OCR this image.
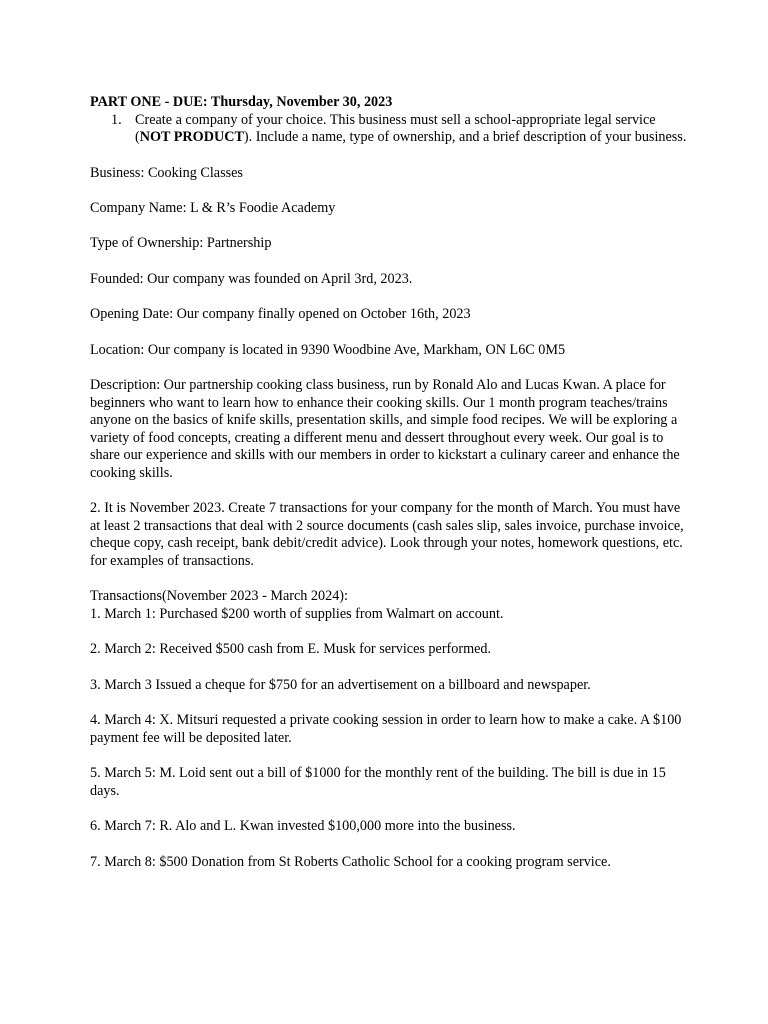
PART ONE - DUE: Thursday, November 30, 2023

1. Create a company of your choice. This business must sell a school-appropriate legal service (NOT PRODUCT). Include a name, type of ownership, and a brief description of your business.

Business: Cooking Classes

Company Name: L & R’s Foodie Academy

Type of Ownership: Partnership

Founded: Our company was founded on April 3rd, 2023.

Opening Date: Our company finally opened on October 16th, 2023

Location: Our company is located in 9390 Woodbine Ave, Markham, ON L6C 0M5

Description: Our partnership cooking class business, run by Ronald Alo and Lucas Kwan. A place for beginners who want to learn how to enhance their cooking skills. Our 1 month program teaches/trains anyone on the basics of knife skills, presentation skills, and simple food recipes. We will be exploring a variety of food concepts, creating a different menu and dessert throughout every week. Our goal is to share our experience and skills with our members in order to kickstart a culinary career and enhance the cooking skills.

2. It is November 2023. Create 7 transactions for your company for the month of March. You must have at least 2 transactions that deal with 2 source documents (cash sales slip, sales invoice, purchase invoice, cheque copy, cash receipt, bank debit/credit advice). Look through your notes, homework questions, etc. for examples of transactions.

Transactions(November 2023 - March 2024):

1. March 1: Purchased $200 worth of supplies from Walmart on account.

2. March 2: Received $500 cash from E. Musk for services performed.

3. March 3 Issued a cheque for $750 for an advertisement on a billboard and newspaper.

4. March 4: X. Mitsuri requested a private cooking session in order to learn how to make a cake. A $100 payment fee will be deposited later.

5. March 5: M. Loid sent out a bill of $1000 for the monthly rent of the building. The bill is due in 15 days.

6. March 7: R. Alo and L. Kwan invested $100,000 more into the business.

7. March 8: $500 Donation from St Roberts Catholic School for a cooking program service.
